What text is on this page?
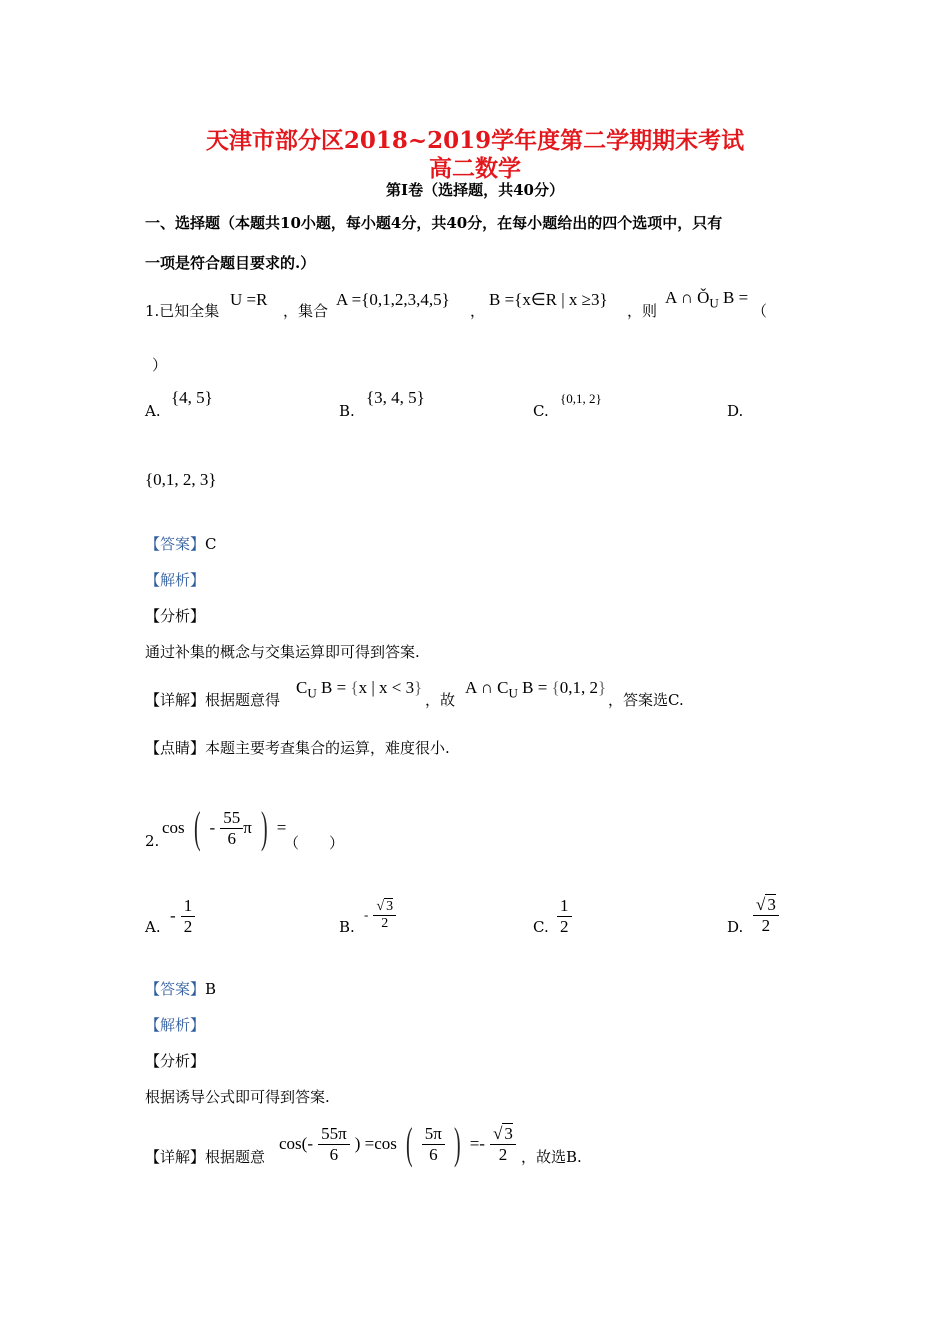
天津市部分区2018~2019学年度第二学期期末考试
高二数学
第Ⅰ卷（选择题，共40分）
一、选择题（本题共10小题，每小题4分，共40分，在每小题给出的四个选项中，只有
一项是符合题目要求的.）
1.已知全集
U =R
，集合
A ={0,1,2,3,4,5}
，
B ={x∈R | x ≥3}
，则
A ∩ $Ǒ_U$ B =
（
）
A.
{4, 5}
B.
{3, 4, 5}
C.
{0,1, 2}
D.
{0,1, 2, 3}
【答案】C
【解析】
【分析】
通过补集的概念与交集运算即可得到答案.
【详解】根据题意得
$C_U$ B = {x | x < 3}
，故
A ∩ $C_U$ B = {0,1, 2}
，答案选C.
【点睛】本题主要考查集合的运算，难度很小.
2.
cos ( - $\frac{55}{6}$ π ) =
（　　）
A.
- $\frac{1}{2}$	B.
- $\frac{√ 3}{2}$	C. $\frac{1}{2}$	D. $\frac{√ 3}{2}$
【答案】B
【解析】
【分析】
根据诱导公式即可得到答案.
【详解】根据题意
$\cos(- \frac{55\pi}{6}$ ) =cos ( $\frac{5\pi}{6}$ ) =- $\frac{√ 3}{2}$ ，故选B.
